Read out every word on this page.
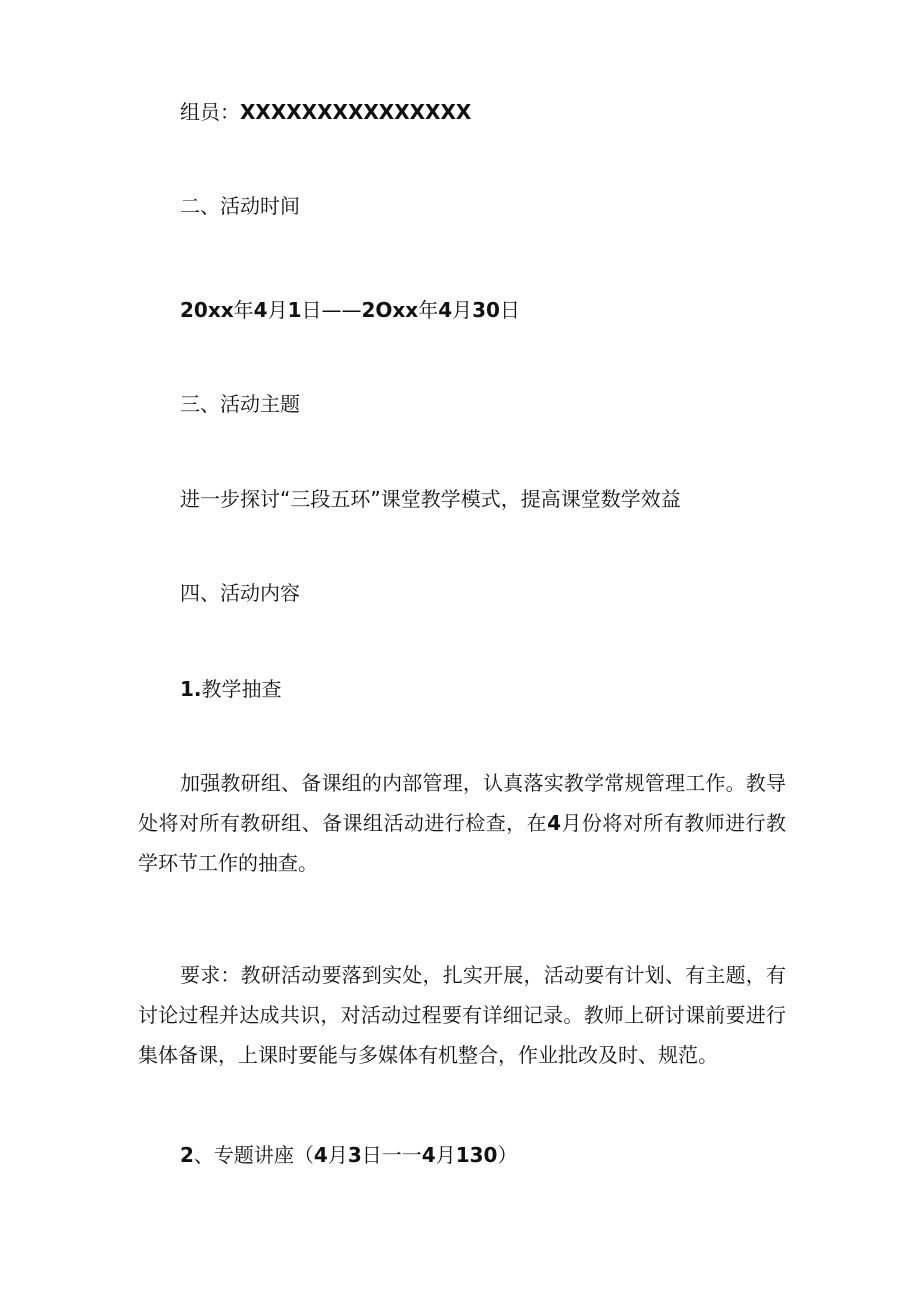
组员：XXXXXXXXXXXXXXX
二、活动时间
20xx年4月1日——2Oxx年4月30日
三、活动主题
进一步探讨“三段五环”课堂教学模式，提高课堂数学效益
四、活动内容
1.教学抽查
加强教研组、备课组的内部管理，认真落实教学常规管理工作。教导处将对所有教研组、备课组活动进行检查，在4月份将对所有教师进行教学环节工作的抽查。
要求：教研活动要落到实处，扎实开展，活动要有计划、有主题，有讨论过程并达成共识，对活动过程要有详细记录。教师上研讨课前要进行集体备课，上课时要能与多媒体有机整合，作业批改及时、规范。
2、专题讲座（4月3日一一4月130）
